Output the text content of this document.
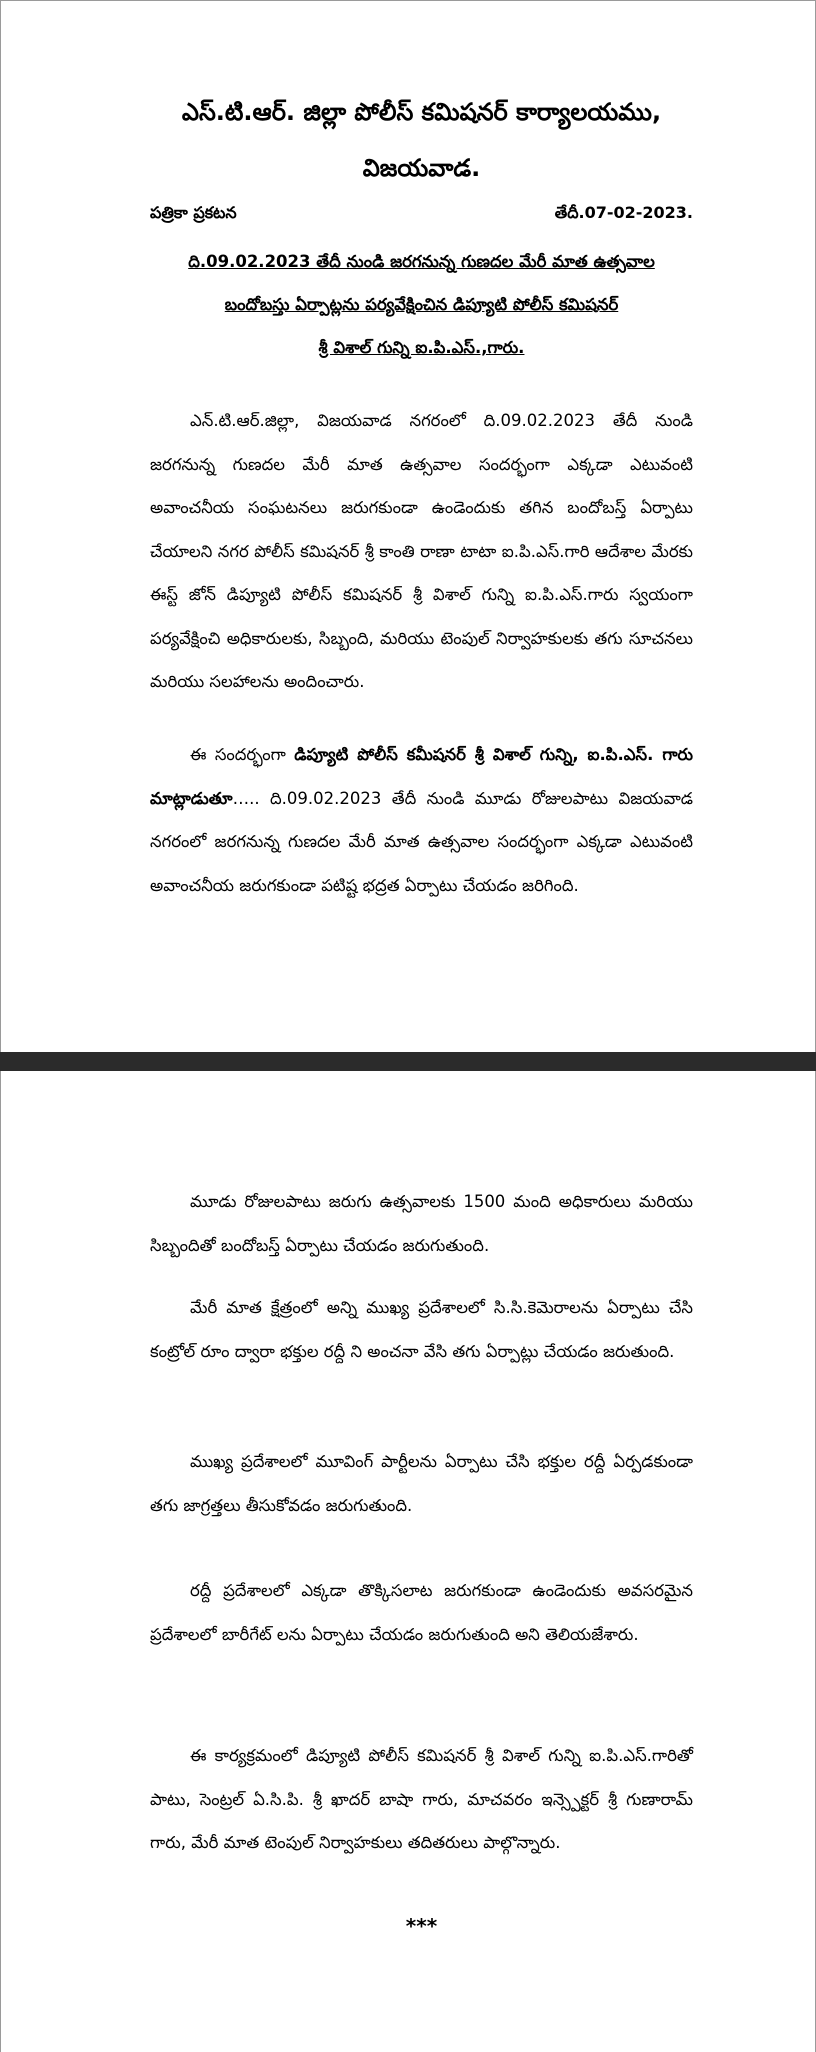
ఎస్.టి.ఆర్. జిల్లా పోలీస్ కమిషనర్ కార్యాలయము,
విజయవాడ.
పత్రికా ప్రకటన	తేదీ.07-02-2023.
ది.09.02.2023 తేదీ నుండి జరగనున్న గుణదల మేరీ మాత ఉత్సవాల
బందోబస్తు ఏర్పాట్లను పర్యవేక్షించిన డిప్యూటి పోలీస్ కమిషనర్
శ్రీ విశాల్ గున్ని ఐ.పి.ఎస్.,గారు.

ఎన్.టి.ఆర్.జిల్లా, విజయవాడ నగరంలో ది.09.02.2023 తేదీ నుండి జరగనున్న గుణదల మేరీ మాత ఉత్సవాల సందర్భంగా ఎక్కడా ఎటువంటి అవాంచనీయ సంఘటనలు జరుగకుండా ఉండెందుకు తగిన బందోబస్త్ ఏర్పాటు చేయాలని నగర పోలీస్ కమిషనర్ శ్రీ కాంతి రాణా టాటా ఐ.పి.ఎస్.గారి ఆదేశాల మేరకు ఈస్ట్ జోన్ డిప్యూటి పోలీస్ కమిషనర్ శ్రీ విశాల్ గున్ని ఐ.పి.ఎస్.గారు స్వయంగా పర్యవేక్షించి అధికారులకు, సిబ్బంది, మరియు టెంపుల్ నిర్వాహకులకు తగు సూచనలు మరియు సలహాలను అందించారు.

ఈ సందర్భంగా డిప్యూటి పోలీస్ కమీషనర్ శ్రీ విశాల్ గున్ని, ఐ.పి.ఎస్. గారు మాట్లాడుతూ….. ది.09.02.2023 తేదీ నుండి మూడు రోజులపాటు విజయవాడ నగరంలో జరగనున్న గుణదల మేరీ మాత ఉత్సవాల సందర్భంగా ఎక్కడా ఎటువంటి అవాంచనీయ జరుగకుండా పటిష్ట భద్రత ఏర్పాటు చేయడం జరిగింది.

మూడు రోజులపాటు జరుగు ఉత్సవాలకు 1500 మంది అధికారులు మరియు సిబ్బందితో బందోబస్త్ ఏర్పాటు చేయడం జరుగుతుంది.

మేరీ మాత క్షేత్రంలో అన్ని ముఖ్య ప్రదేశాలలో సి.సి.కెమెరాలను ఏర్పాటు చేసి కంట్రోల్ రూం ద్వారా భక్తుల రద్దీ ని అంచనా వేసి తగు ఏర్పాట్లు చేయడం జరుతుంది.

ముఖ్య ప్రదేశాలలో మూవింగ్ పార్టీలను ఏర్పాటు చేసి భక్తుల రద్దీ ఏర్పడకుండా తగు జాగ్రత్తలు తీసుకోవడం జరుగుతుంది.

రద్దీ ప్రదేశాలలో ఎక్కడా తొక్కిసలాట జరుగకుండా ఉండెందుకు అవసరమైన ప్రదేశాలలో బారీగేట్ లను ఏర్పాటు చేయడం జరుగుతుంది అని తెలియజేశారు.

ఈ కార్యక్రమంలో డిప్యూటి పోలీస్ కమిషనర్ శ్రీ విశాల్ గున్ని ఐ.పి.ఎస్.గారితో పాటు, సెంట్రల్ ఏ.సి.పి. శ్రీ ఖాదర్ బాషా గారు, మాచవరం ఇన్స్పెక్టర్ శ్రీ గుణారామ్ గారు, మేరీ మాత టెంపుల్ నిర్వాహకులు తదితరులు పాల్గొన్నారు.

***
